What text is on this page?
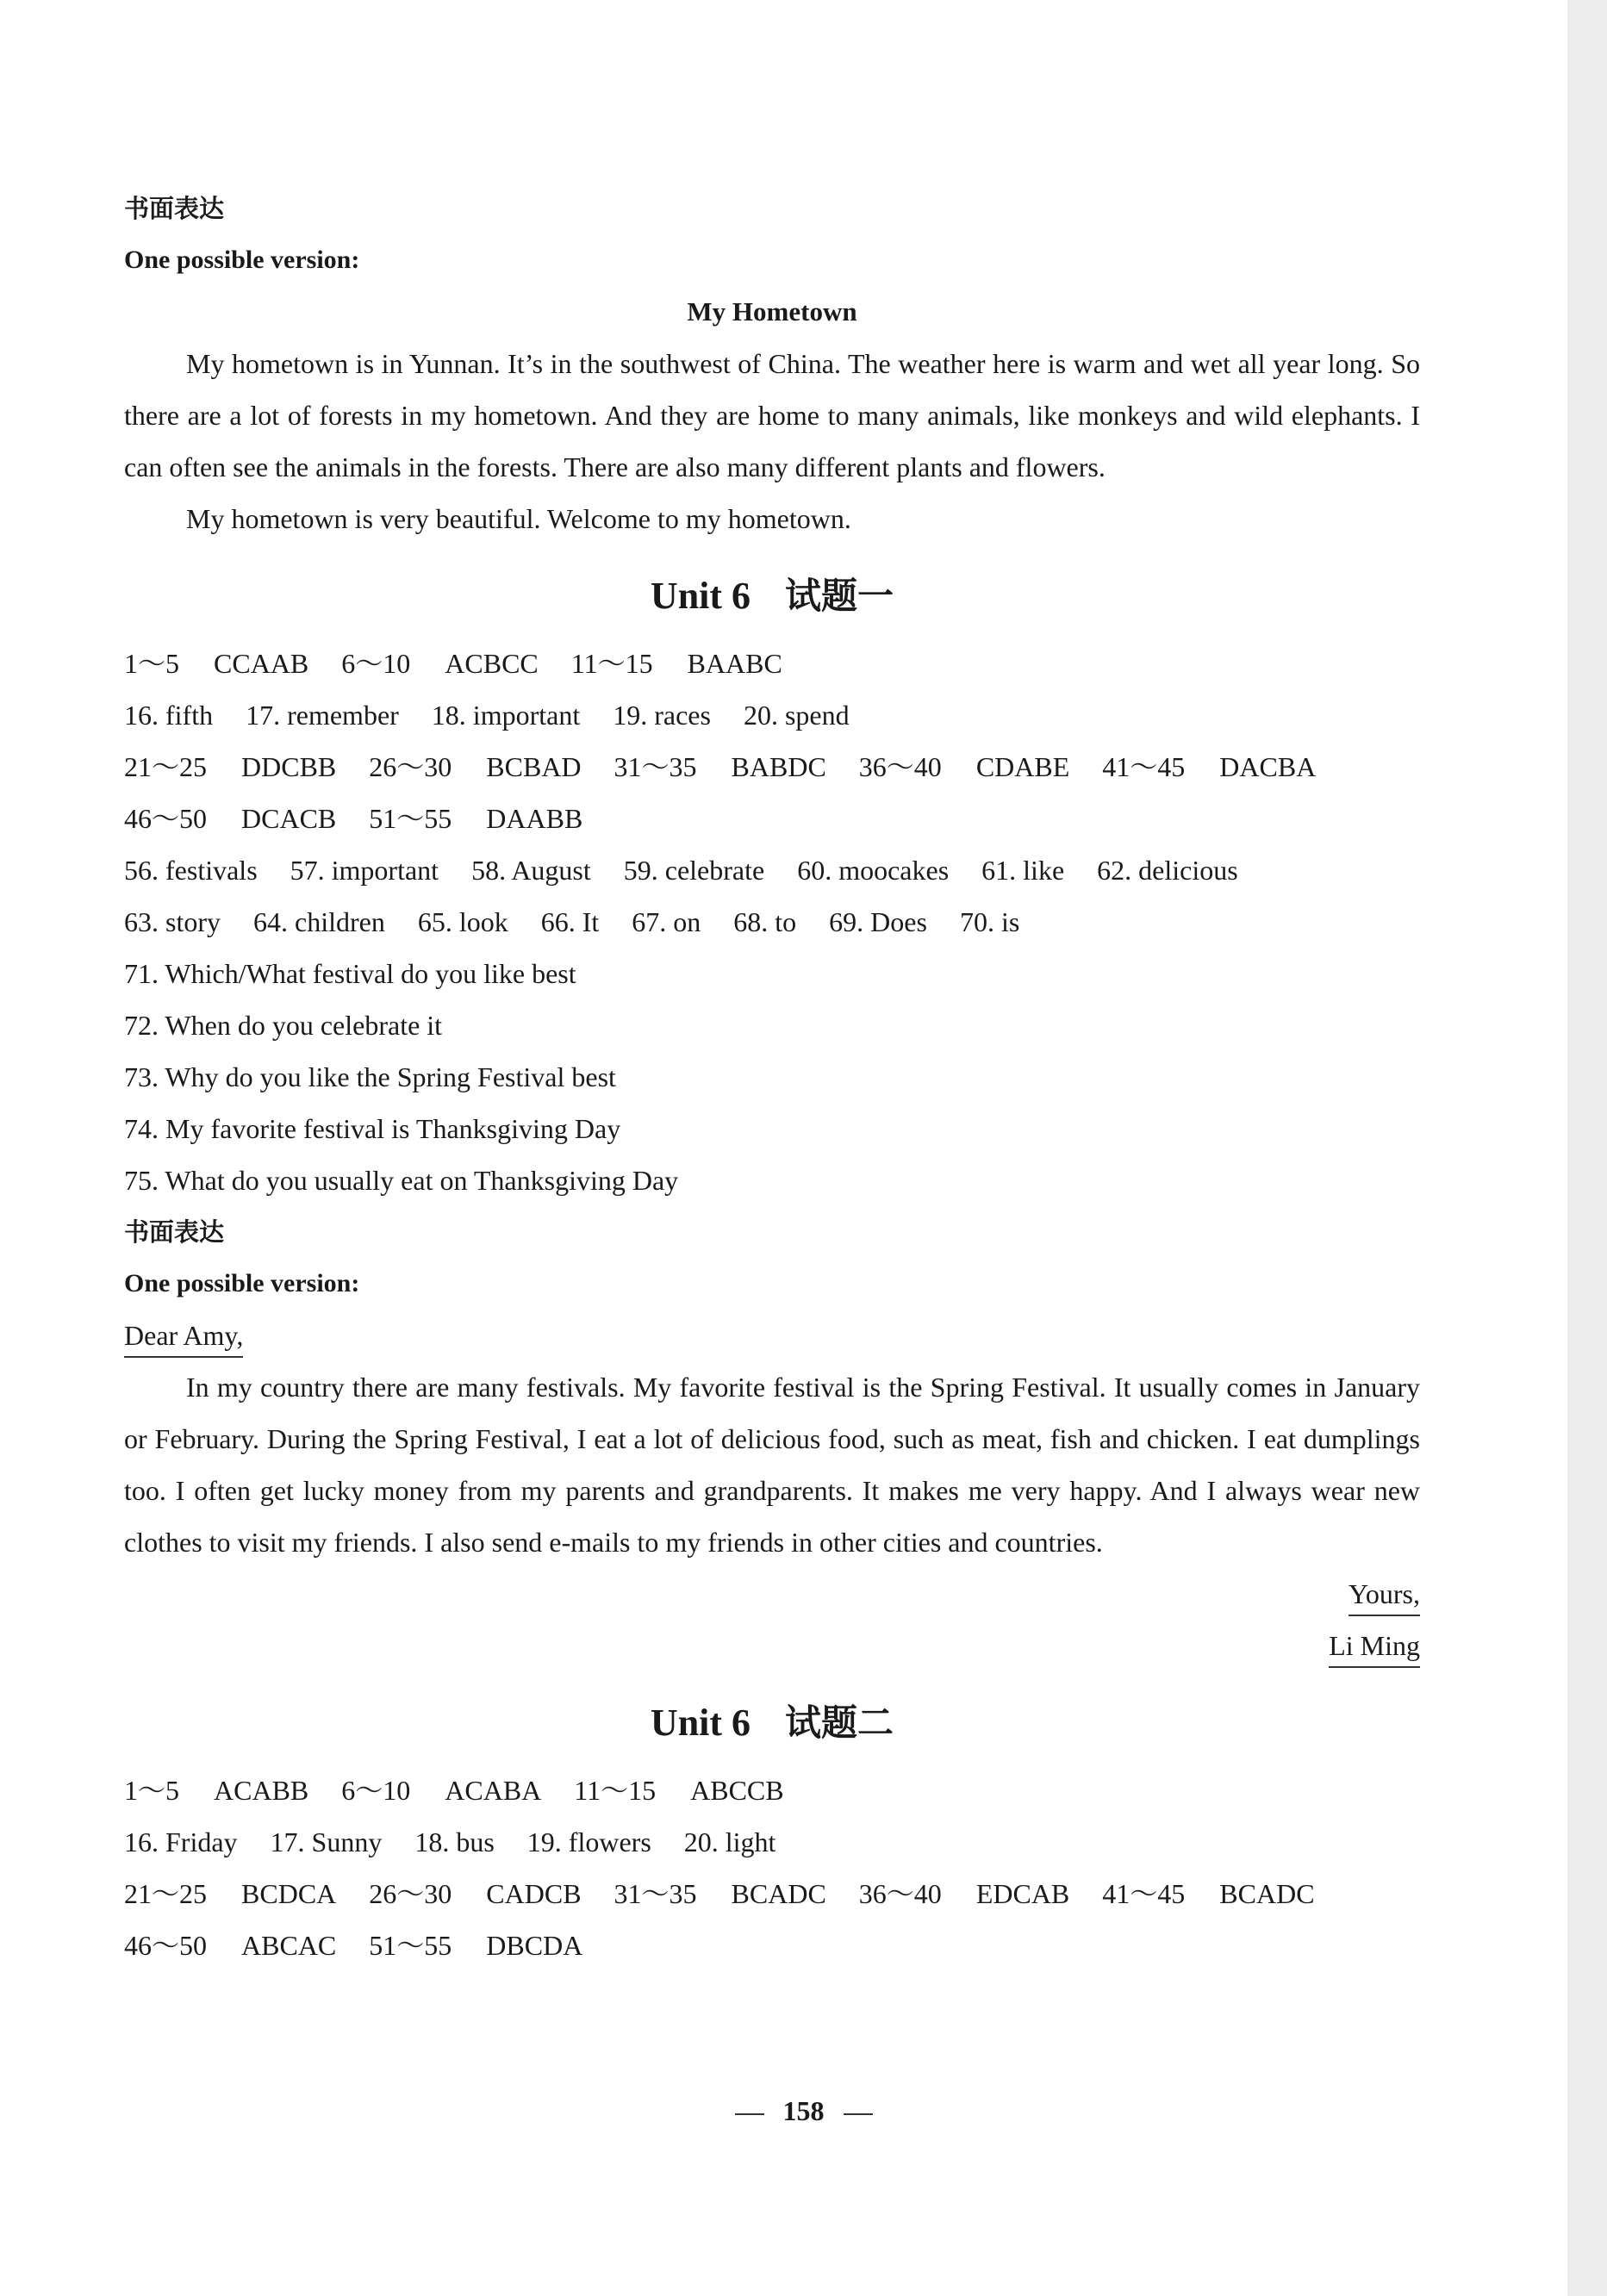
书面表达
One possible version:
My Hometown

My hometown is in Yunnan. It’s in the southwest of China. The weather here is warm and wet all year long. So there are a lot of forests in my hometown. And they are home to many animals, like monkeys and wild elephants. I can often see the animals in the forests. There are also many different plants and flowers.

My hometown is very beautiful. Welcome to my hometown.

Unit 6 试题一
1～5 CCAAB 6～10 ACBCC 11～15 BAABC
16. fifth 17. remember 18. important 19. races 20. spend
21～25 DDCBB 26～30 BCBAD 31～35 BABDC 36～40 CDABE 41～45 DACBA
46～50 DCACB 51～55 DAABB
56. festivals 57. important 58. August 59. celebrate 60. moocakes 61. like 62. delicious
63. story 64. children 65. look 66. It 67. on 68. to 69. Does 70. is
71. Which/What festival do you like best
72. When do you celebrate it
73. Why do you like the Spring Festival best
74. My favorite festival is Thanksgiving Day
75. What do you usually eat on Thanksgiving Day
书面表达
One possible version:
Dear Amy,
In my country there are many festivals. My favorite festival is the Spring Festival. It usually comes in January or February. During the Spring Festival, I eat a lot of delicious food, such as meat, fish and chicken. I eat dumplings too. I often get lucky money from my parents and grandparents. It makes me very happy. And I always wear new clothes to visit my friends. I also send e-mails to my friends in other cities and countries.
Yours,
Li Ming
Unit 6 试题二
1～5 ACABB 6～10 ACABA 11～15 ABCCB
16. Friday 17. Sunny 18. bus 19. flowers 20. light
21～25 BCDCA 26～30 CADCB 31～35 BCADC 36～40 EDCAB 41～45 BCADC
46～50 ABCAC 51～55 DBCDA
158
